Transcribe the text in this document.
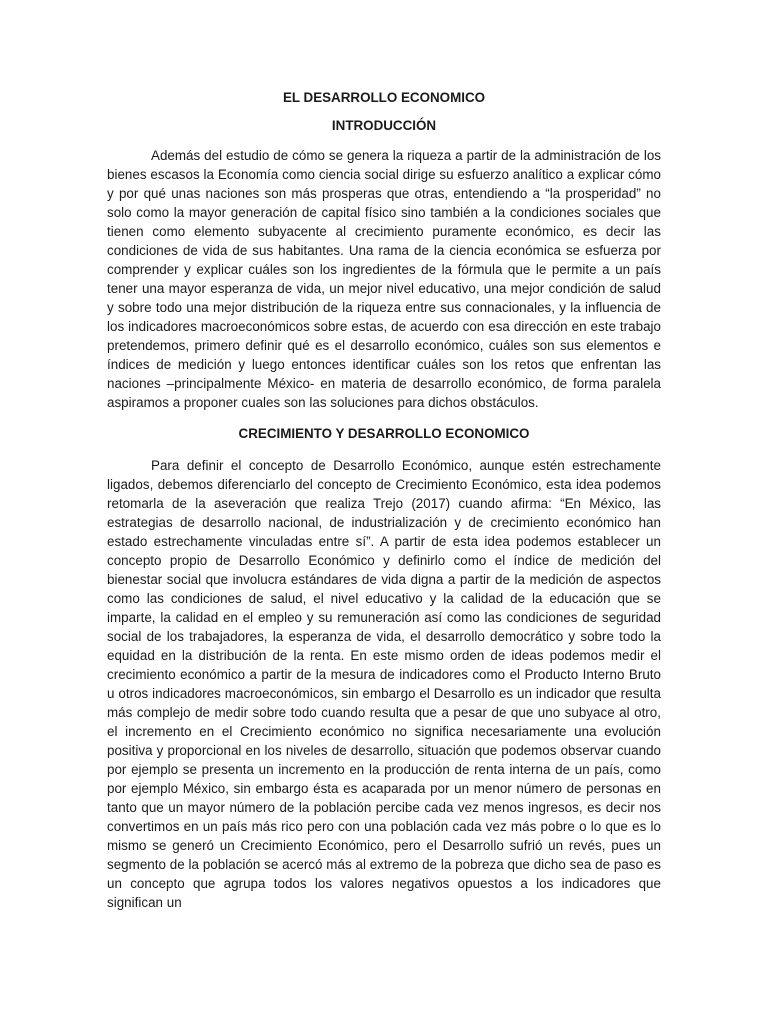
EL DESARROLLO ECONOMICO

INTRODUCCIÓN

Además del estudio de cómo se genera la riqueza a partir de la administración de los bienes escasos la Economía como ciencia social dirige su esfuerzo analítico a explicar cómo y por qué unas naciones son más prosperas que otras, entendiendo a “la prosperidad” no solo como la mayor generación de capital físico sino también a la condiciones sociales que tienen como elemento subyacente al crecimiento puramente económico, es decir las condiciones de vida de sus habitantes. Una rama de la ciencia económica se esfuerza por comprender y explicar cuáles son los ingredientes de la fórmula que le permite a un país tener una mayor esperanza de vida, un mejor nivel educativo, una mejor condición de salud y sobre todo una mejor distribución de la riqueza entre sus connacionales, y la influencia de los indicadores macroeconómicos sobre estas, de acuerdo con esa dirección en este trabajo pretendemos, primero definir qué es el desarrollo económico, cuáles son sus elementos e índices de medición y luego entonces identificar cuáles son los retos que enfrentan las naciones –principalmente México- en materia de desarrollo económico, de forma paralela aspiramos a proponer cuales son las soluciones para dichos obstáculos.

CRECIMIENTO Y DESARROLLO ECONOMICO

Para definir el concepto de Desarrollo Económico, aunque estén estrechamente ligados, debemos diferenciarlo del concepto de Crecimiento Económico, esta idea podemos retomarla de la aseveración que realiza Trejo (2017) cuando afirma: “En México, las estrategias de desarrollo nacional, de industrialización y de crecimiento económico han estado estrechamente vinculadas entre sí”. A partir de esta idea podemos establecer un concepto propio de Desarrollo Económico y definirlo como el índice de medición del bienestar social que involucra estándares de vida digna a partir de la medición de aspectos como las condiciones de salud, el nivel educativo y la calidad de la educación que se imparte, la calidad en el empleo y su remuneración así como las condiciones de seguridad social de los trabajadores, la esperanza de vida, el desarrollo democrático y sobre todo la equidad en la distribución de la renta. En este mismo orden de ideas podemos medir el crecimiento económico a partir de la mesura de indicadores como el Producto Interno Bruto u otros indicadores macroeconómicos, sin embargo el Desarrollo es un indicador que resulta más complejo de medir sobre todo cuando resulta que a pesar de que uno subyace al otro, el incremento en el Crecimiento económico no significa necesariamente una evolución positiva y proporcional en los niveles de desarrollo, situación que podemos observar cuando por ejemplo se presenta un incremento en la producción de renta interna de un país, como por ejemplo México, sin embargo ésta es acaparada por un menor número de personas en tanto que un mayor número de la población percibe cada vez menos ingresos, es decir nos convertimos en un país más rico pero con una población cada vez más pobre o lo que es lo mismo se generó un Crecimiento Económico, pero el Desarrollo sufrió un revés, pues un segmento de la población se acercó más al extremo de la pobreza que dicho sea de paso es un concepto que agrupa todos los valores negativos opuestos a los indicadores que significan un
